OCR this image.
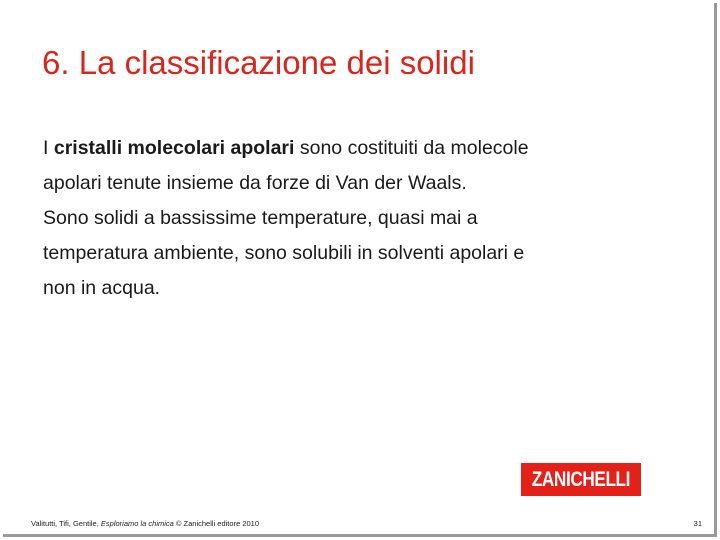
6. La classificazione dei solidi

I cristalli molecolari apolari sono costituiti da molecole
apolari tenute insieme da forze di Van der Waals.

Sono solidi a bassissime temperature, quasi mai a
temperatura ambiente, sono solubili in solventi apolari e
non in acqua.

ZANICHELLI
Valitutti, Tifi, Gentile, Esploriamo la chimica © Zanichelli editore 2010	31
